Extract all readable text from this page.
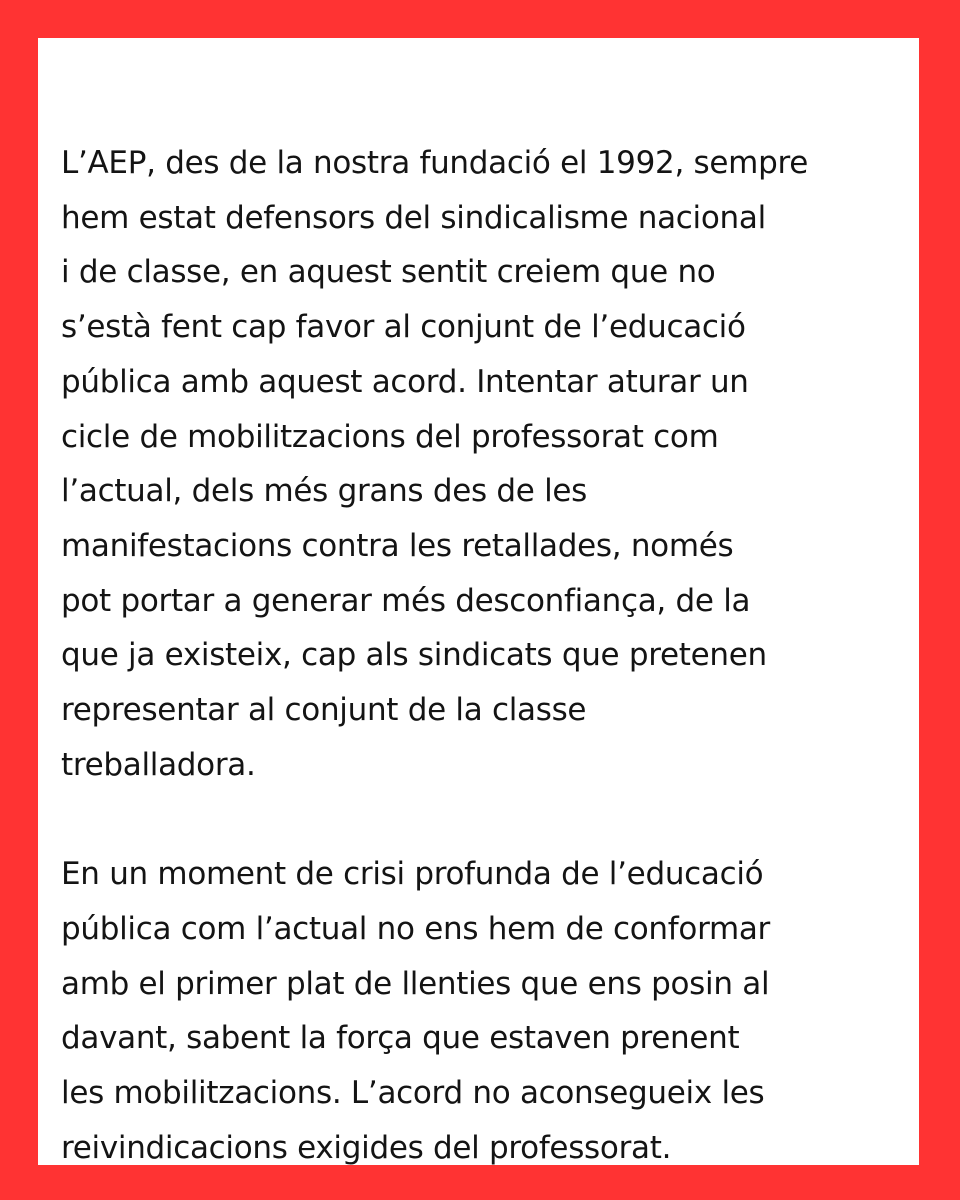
L’AEP, des de la nostra fundació el 1992, sempre
hem estat defensors del sindicalisme nacional
i de classe, en aquest sentit creiem que no
s’està fent cap favor al conjunt de l’educació
pública amb aquest acord. Intentar aturar un
cicle de mobilitzacions del professorat com
l’actual, dels més grans des de les
manifestacions contra les retallades, només
pot portar a generar més desconfiança, de la
que ja existeix, cap als sindicats que pretenen
representar al conjunt de la classe
treballadora.

En un moment de crisi profunda de l’educació
pública com l’actual no ens hem de conformar
amb el primer plat de llenties que ens posin al
davant, sabent la força que estaven prenent
les mobilitzacions. L’acord no aconsegueix les
reivindicacions exigides del professorat.
